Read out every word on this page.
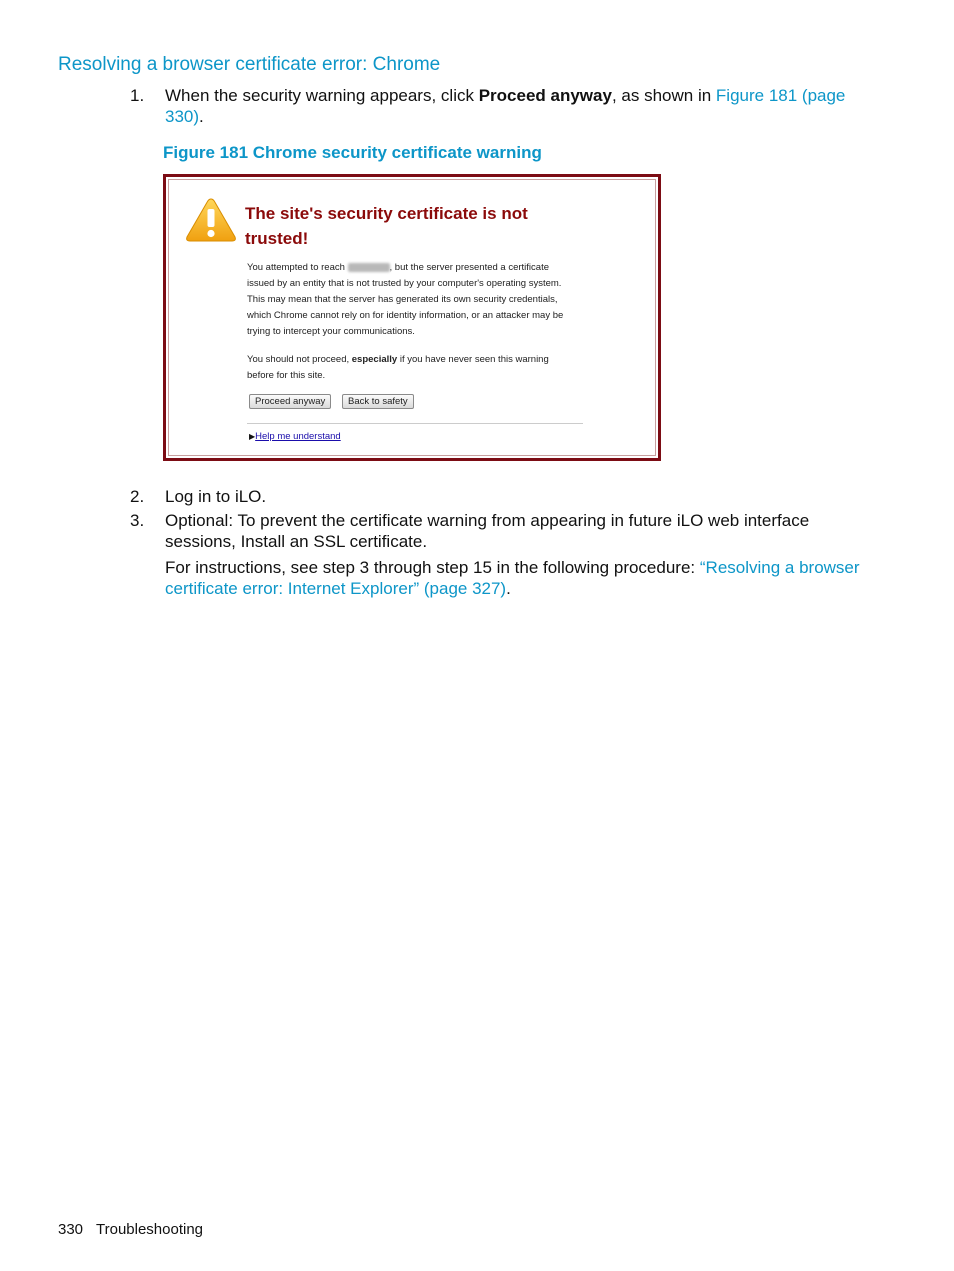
Resolving a browser certificate error: Chrome
1. When the security warning appears, click Proceed anyway, as shown in Figure 181 (page 330).
Figure 181 Chrome security certificate warning
The site's security certificate is not trusted!
You attempted to reach	, but the server presented a certificate issued by an entity that is not trusted by your computer's operating system. This may mean that the server has generated its own security credentials, which Chrome cannot rely on for identity information, or an attacker may be trying to intercept your communications.
You should not proceed, especially if you have never seen this warning before for this site.
Proceed anyway	Back to safety
▶Help me understand
2. Log in to iLO.
3. Optional: To prevent the certificate warning from appearing in future iLO web interface sessions, Install an SSL certificate.
For instructions, see step 3 through step 15 in the following procedure: “Resolving a browser certificate error: Internet Explorer” (page 327).
330 Troubleshooting
